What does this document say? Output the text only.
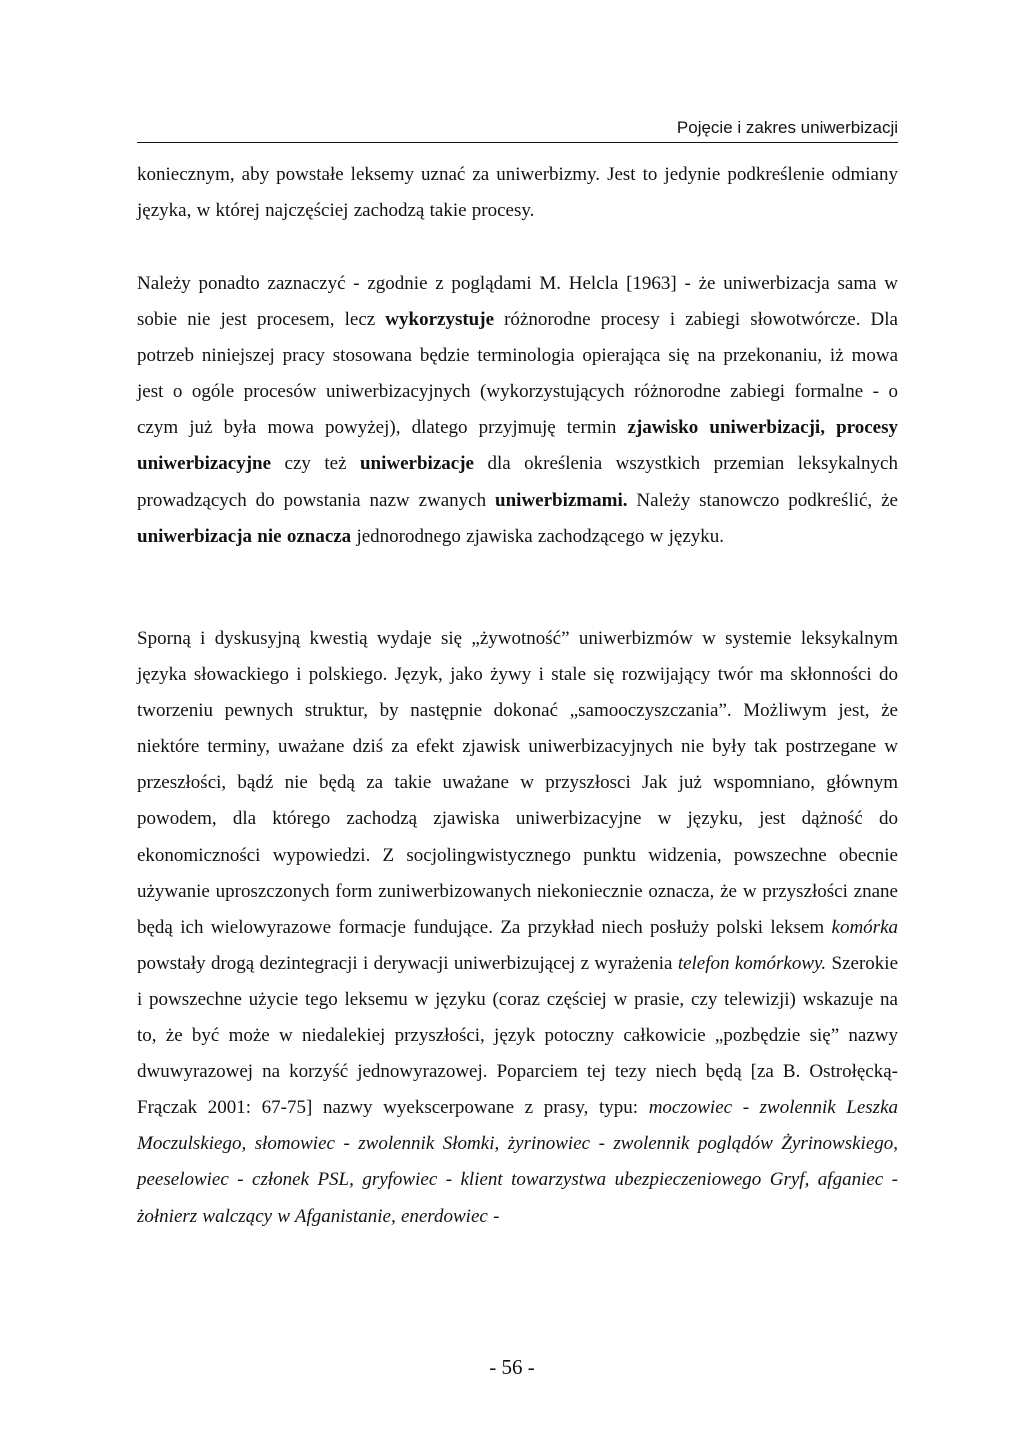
Pojęcie i zakres uniwerbizacji

koniecznym, aby powstałe leksemy uznać za uniwerbizmy. Jest to jedynie podkreślenie odmiany języka, w której najczęściej zachodzą takie procesy.

Należy ponadto zaznaczyć - zgodnie z poglądami M. Helcla [1963] - że uniwerbizacja sama w sobie nie jest procesem, lecz wykorzystuje różnorodne procesy i zabiegi słowotwórcze. Dla potrzeb niniejszej pracy stosowana będzie terminologia opierająca się na przekonaniu, iż mowa jest o ogóle procesów uniwerbizacyjnych (wykorzystujących różnorodne zabiegi formalne - o czym już była mowa powyżej), dlatego przyjmuję termin zjawisko uniwerbizacji, procesy uniwerbizacyjne czy też uniwerbizacje dla określenia wszystkich przemian leksykalnych prowadzących do powstania nazw zwanych uniwerbizmami. Należy stanowczo podkreślić, że uniwerbizacja nie oznacza jednorodnego zjawiska zachodzącego w języku.

Sporną i dyskusyjną kwestią wydaje się „żywotność” uniwerbizmów w systemie leksykalnym języka słowackiego i polskiego. Język, jako żywy i stale się rozwijający twór ma skłonności do tworzeniu pewnych struktur, by następnie dokonać „samooczyszczania”. Możliwym jest, że niektóre terminy, uważane dziś za efekt zjawisk uniwerbizacyjnych nie były tak postrzegane w przeszłości, bądź nie będą za takie uważane w przyszłosci Jak już wspomniano, głównym powodem, dla którego zachodzą zjawiska uniwerbizacyjne w języku, jest dążność do ekonomiczności wypowiedzi. Z socjolingwistycznego punktu widzenia, powszechne obecnie używanie uproszczonych form zuniwerbizowanych niekoniecznie oznacza, że w przyszłości znane będą ich wielowyrazowe formacje fundujące. Za przykład niech posłuży polski leksem komórka powstały drogą dezintegracji i derywacji uniwerbizującej z wyrażenia telefon komórkowy. Szerokie i powszechne użycie tego leksemu w języku (coraz częściej w prasie, czy telewizji) wskazuje na to, że być może w niedalekiej przyszłości, język potoczny całkowicie „pozbędzie się” nazwy dwuwyrazowej na korzyść jednowyrazowej. Poparciem tej tezy niech będą [za B. Ostrołęcką- Frączak 2001: 67-75] nazwy wyekscerpowane z prasy, typu: moczowiec - zwolennik Leszka Moczulskiego, słomowiec - zwolennik Słomki, żyrinowiec - zwolennik poglądów Żyrinowskiego, peeselowiec - członek PSL, gryfowiec - klient towarzystwa ubezpieczeniowego Gryf, afganiec - żołnierz walczący w Afganistanie, enerdowiec -

- 56 -
